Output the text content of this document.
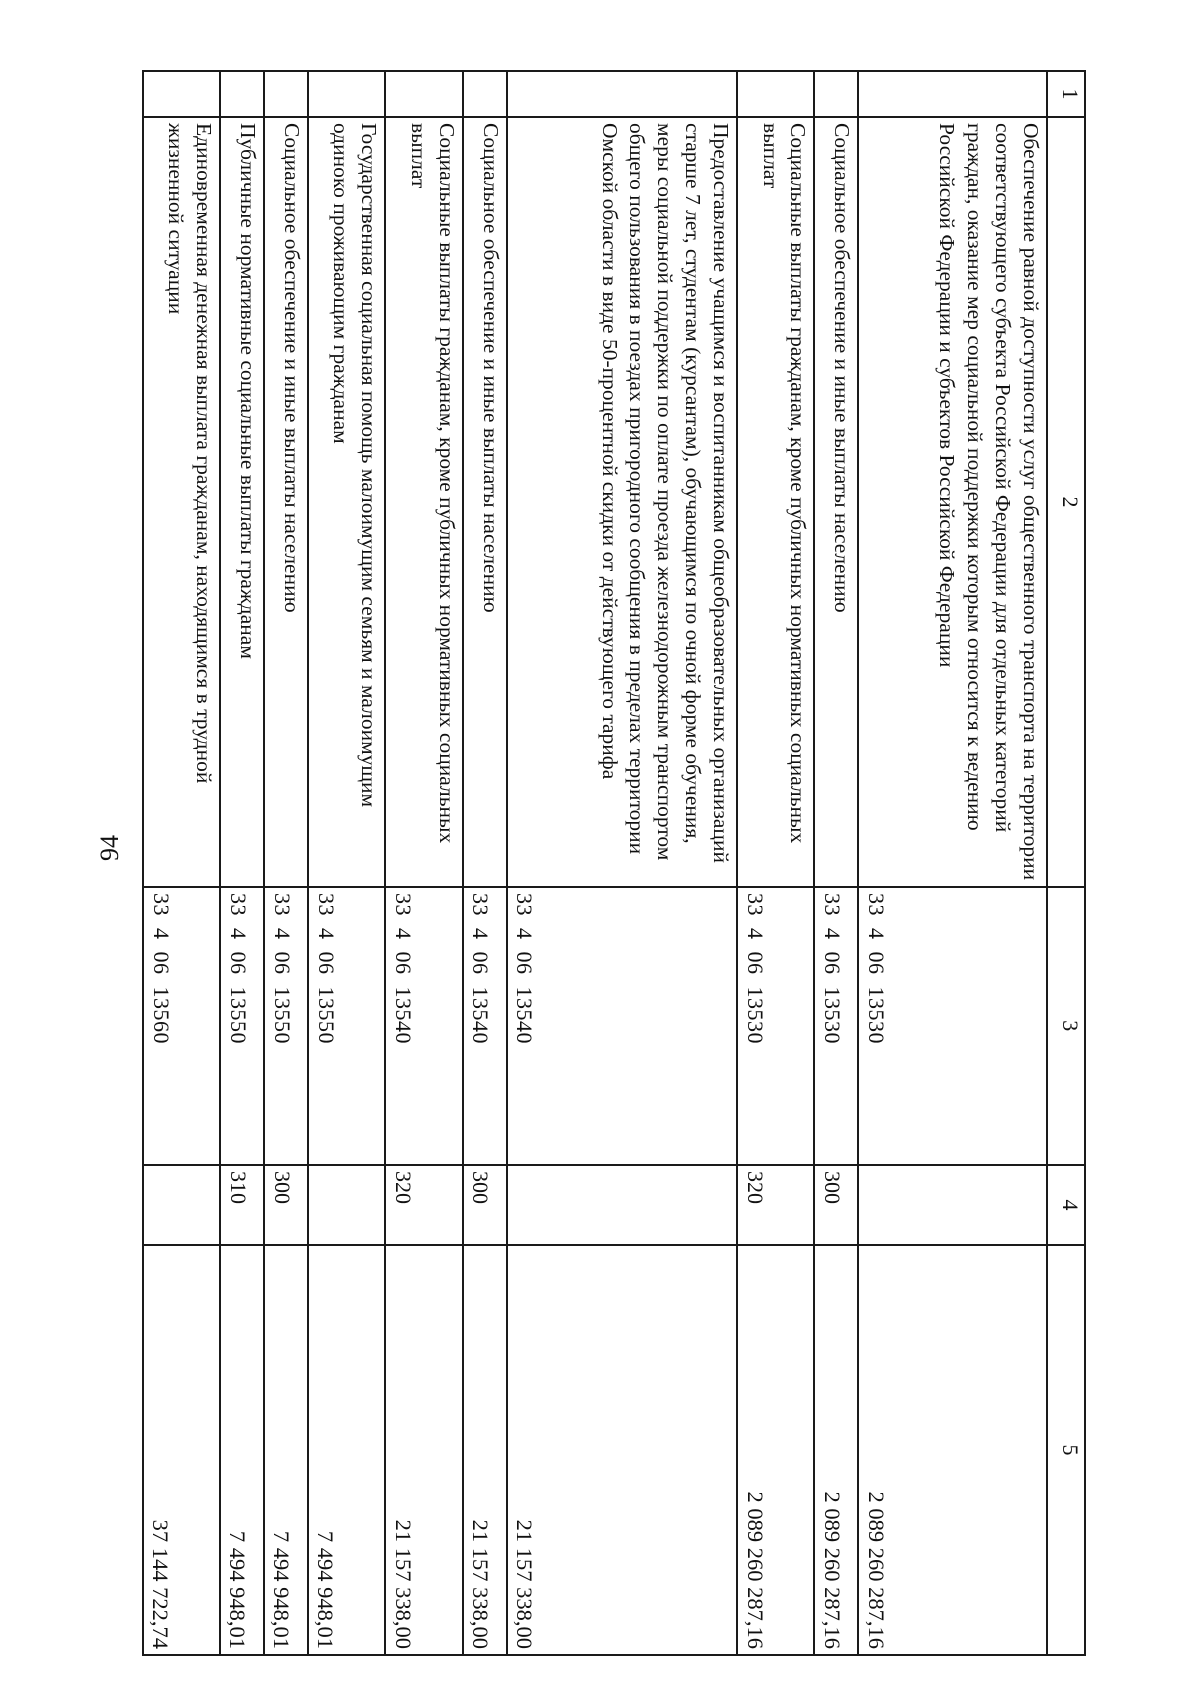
94
1	2	3	4	5
	Обеспечение равной доступности услуг общественного транспорта на территории соответствующего субъекта Российской Федерации для отдельных категорий граждан, оказание мер социальной поддержки которым относится к ведению Российской Федерации и субъектов Российской Федерации	33  4  06  13530		2 089 260 287,16
	Социальное обеспечение и иные выплаты населению	33  4  06  13530	300	2 089 260 287,16
	Социальные выплаты гражданам, кроме публичных нормативных социальных выплат	33  4  06  13530	320	2 089 260 287,16
	Предоставление учащимся и воспитанникам общеобразовательных организаций старше 7 лет, студентам (курсантам), обучающимся по очной форме обучения, меры социальной поддержки по оплате проезда железнодорожным транспортом общего пользования в поездах пригородного сообщения в пределах территории Омской области в виде 50-процентной скидки от действующего тарифа	33  4  06  13540		21 157 338,00
	Социальное обеспечение и иные выплаты населению	33  4  06  13540	300	21 157 338,00
	Социальные выплаты гражданам, кроме публичных нормативных социальных выплат	33  4  06  13540	320	21 157 338,00
	Государственная социальная помощь малоимущим семьям и малоимущим одиноко проживающим гражданам	33  4  06  13550		7 494 948,01
	Социальное обеспечение и иные выплаты населению	33  4  06  13550	300	7 494 948,01
	Публичные нормативные социальные выплаты гражданам	33  4  06  13550	310	7 494 948,01
	Единовременная денежная выплата гражданам, находящимся в трудной жизненной ситуации	33  4  06  13560		37 144 722,74
